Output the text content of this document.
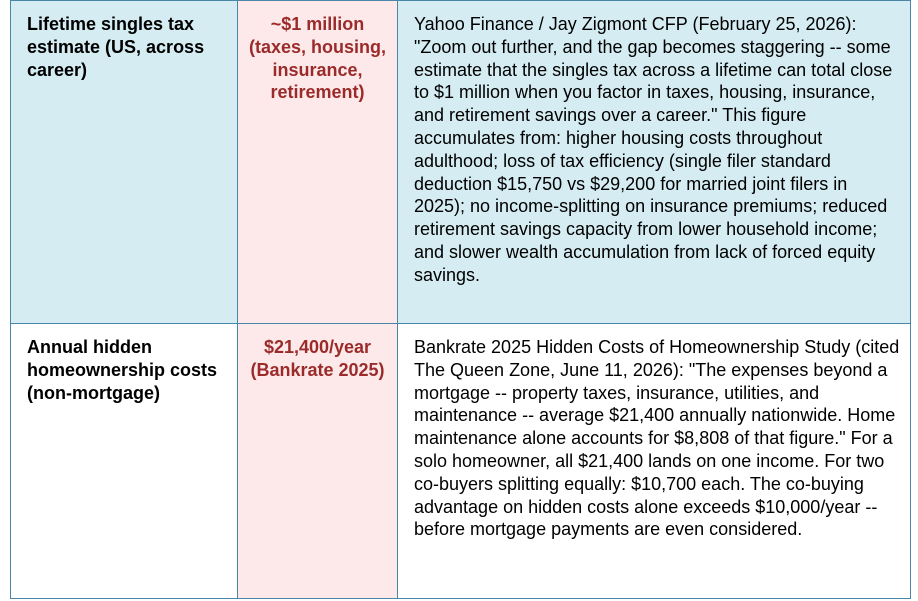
Lifetime singles tax estimate (US, across career)	~$1 million (taxes, housing, insurance, retirement)	Yahoo Finance / Jay Zigmont CFP (February 25, 2026): "Zoom out further, and the gap becomes staggering -- some estimate that the singles tax across a lifetime can total close to $1 million when you factor in taxes, housing, insurance, and retirement savings over a career." This figure accumulates from: higher housing costs throughout adulthood; loss of tax efficiency (single filer standard deduction $15,750 vs $29,200 for married joint filers in 2025); no income-splitting on insurance premiums; reduced retirement savings capacity from lower household income; and slower wealth accumulation from lack of forced equity savings.
Annual hidden homeownership costs (non-mortgage)	$21,400/year (Bankrate 2025)	Bankrate 2025 Hidden Costs of Homeownership Study (cited The Queen Zone, June 11, 2026): "The expenses beyond a mortgage -- property taxes, insurance, utilities, and maintenance -- average $21,400 annually nationwide. Home maintenance alone accounts for $8,808 of that figure." For a solo homeowner, all $21,400 lands on one income. For two co-buyers splitting equally: $10,700 each. The co-buying advantage on hidden costs alone exceeds $10,000/year -- before mortgage payments are even considered.
